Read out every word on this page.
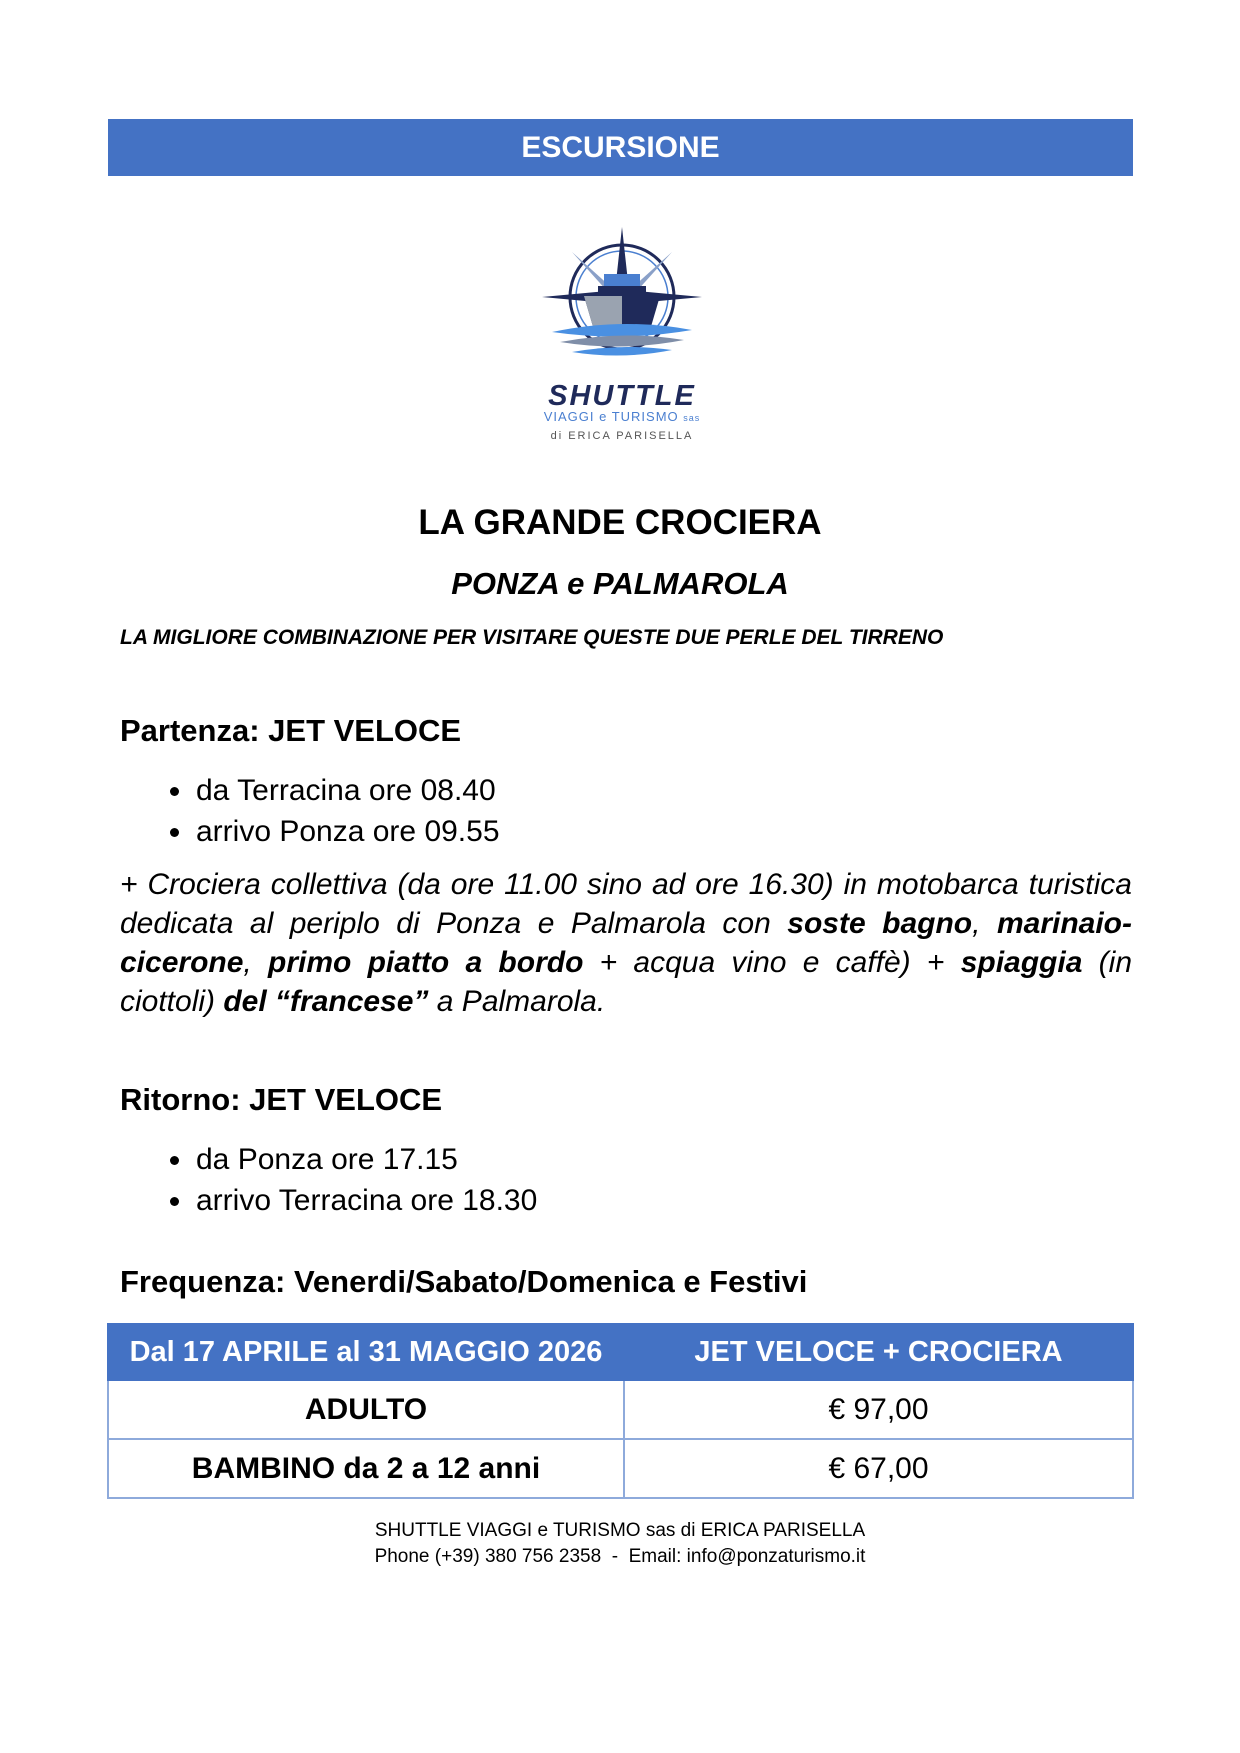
ESCURSIONE
SHUTTLE
VIAGGI e TURISMO sas
di ERICA PARISELLA
LA GRANDE CROCIERA
PONZA e PALMAROLA
LA MIGLIORE COMBINAZIONE PER VISITARE QUESTE DUE PERLE DEL TIRRENO
Partenza: JET VELOCE
• da Terracina ore 08.40
• arrivo Ponza ore 09.55
+ Crociera collettiva (da ore 11.00 sino ad ore 16.30) in motobarca turistica dedicata al periplo di Ponza e Palmarola con soste bagno, marinaio-cicerone, primo piatto a bordo + acqua vino e caffè) + spiaggia (in ciottoli) del “francese” a Palmarola.
Ritorno: JET VELOCE
• da Ponza ore 17.15
• arrivo Terracina ore 18.30
Frequenza: Venerdi/Sabato/Domenica e Festivi
Dal 17 APRILE al 31 MAGGIO 2026	JET VELOCE + CROCIERA
ADULTO	€ 97,00
BAMBINO da 2 a 12 anni	€ 67,00
SHUTTLE VIAGGI e TURISMO sas di ERICA PARISELLA
Phone (+39) 380 756 2358  -  Email: info@ponzaturismo.it
